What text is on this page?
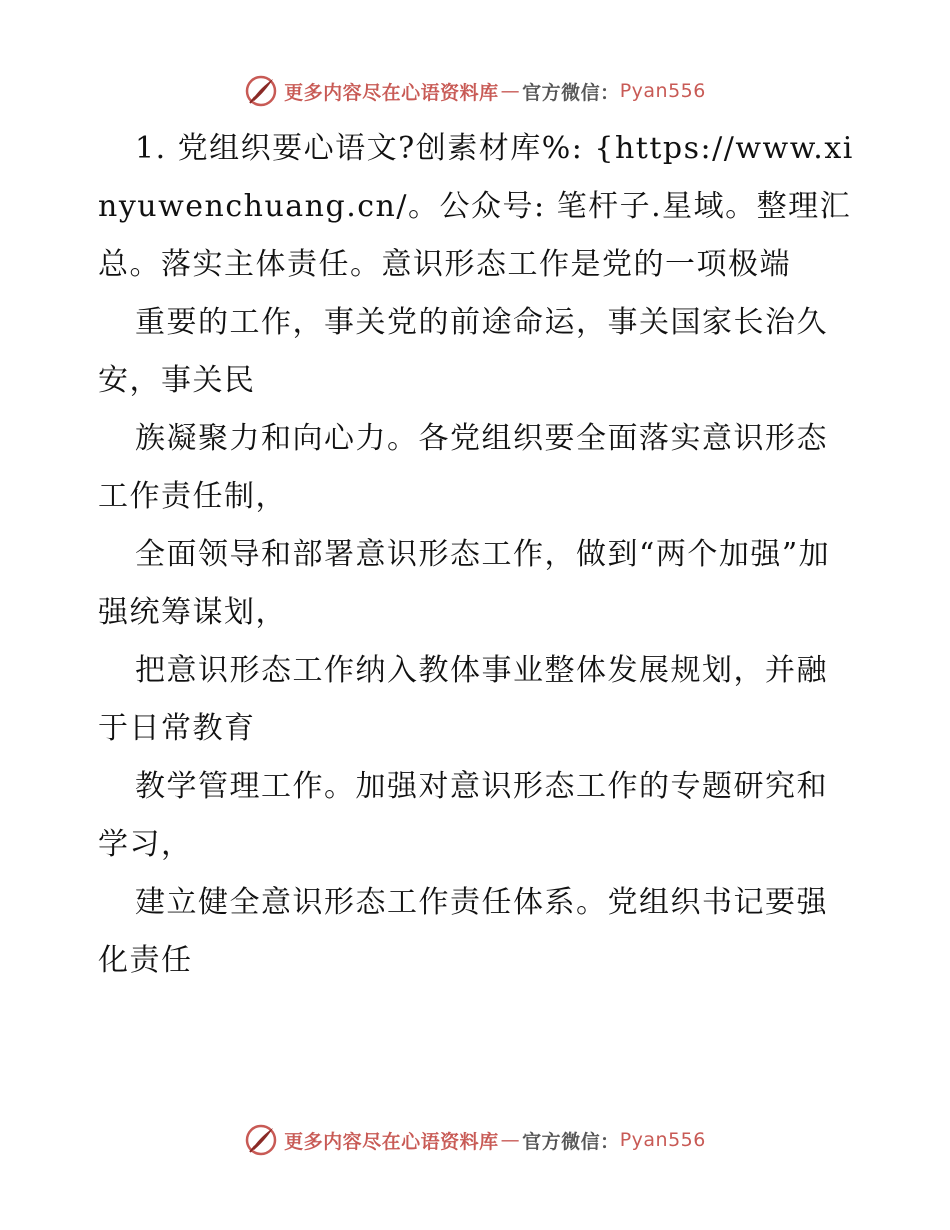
更多内容尽在心语资料库 — 官方微信： Pyan556

1. 党组织要心语文?创素材库%: {https://www.xinyuwenchuang.cn/。公众号: 笔杆子.星域。整理汇总。落实主体责任。意识形态工作是党的一项极端

重要的工作，事关党的前途命运，事关国家长治久安，事关民

族凝聚力和向心力。各党组织要全面落实意识形态工作责任制，

全面领导和部署意识形态工作，做到“两个加强”加强统筹谋划，

把意识形态工作纳入教体事业整体发展规划，并融于日常教育

教学管理工作。加强对意识形态工作的专题研究和学习，

建立健全意识形态工作责任体系。党组织书记要强化责任

更多内容尽在心语资料库 — 官方微信： Pyan556
